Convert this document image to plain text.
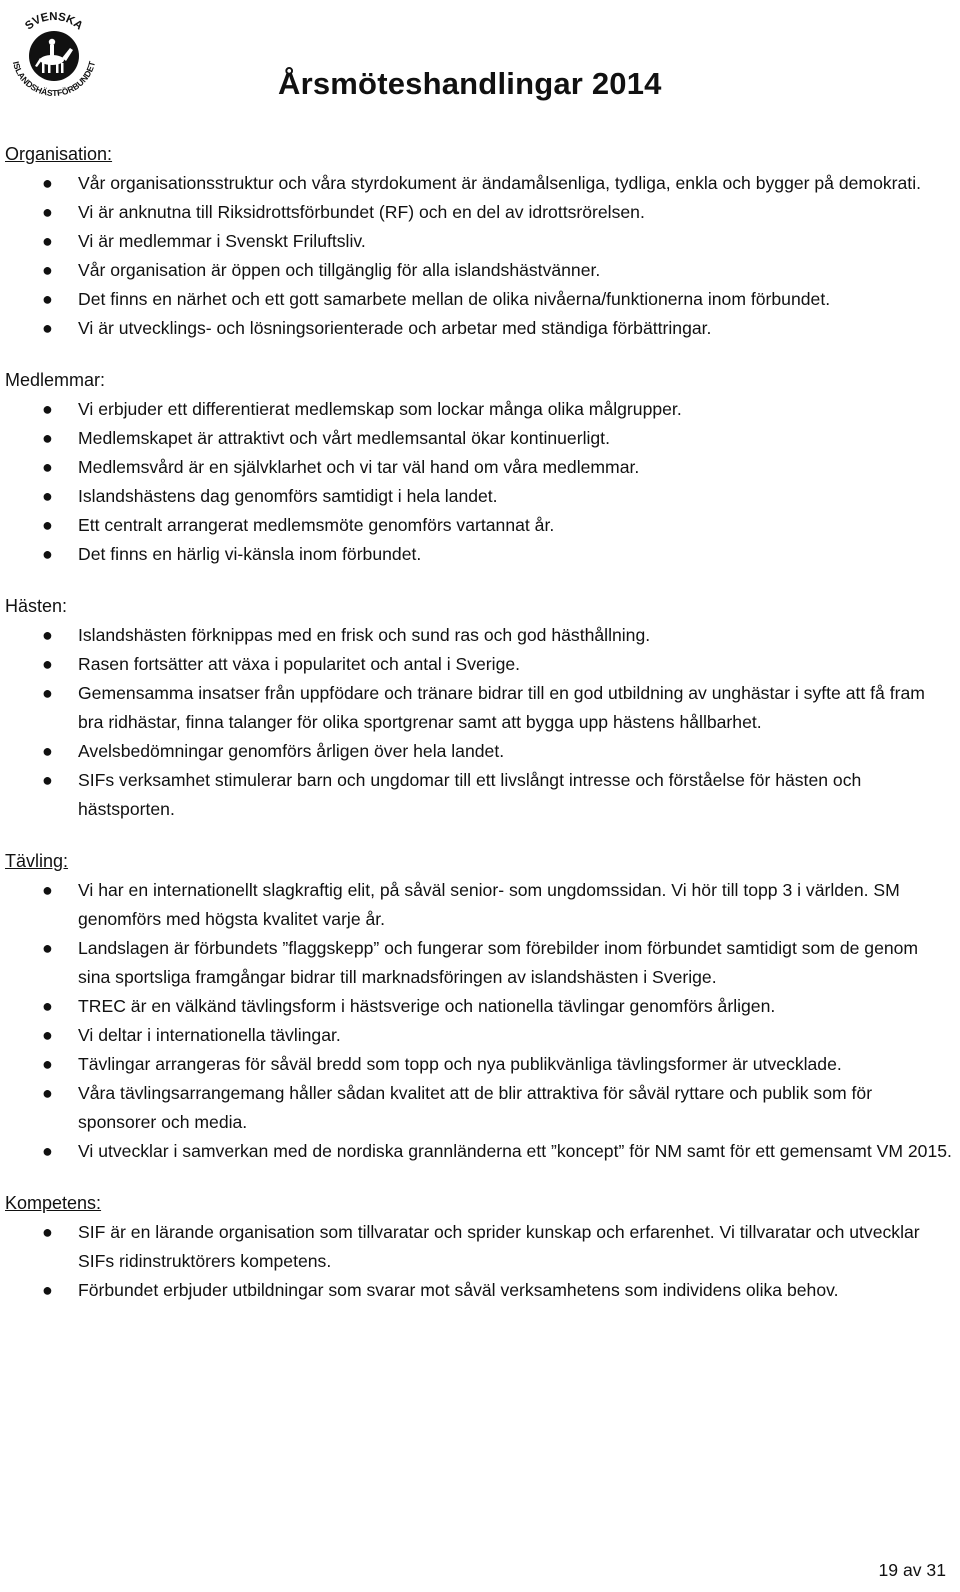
SVENSKA
ISLANDSHÄSTFÖRBUNDET
Årsmöteshandlingar 2014
Organisation:
● Vår organisationsstruktur och våra styrdokument är ändamålsenliga, tydliga, enkla och bygger på demokrati.
● Vi är anknutna till Riksidrottsförbundet (RF) och en del av idrottsrörelsen.
● Vi är medlemmar i Svenskt Friluftsliv.
● Vår organisation är öppen och tillgänglig för alla islandshästvänner.
● Det finns en närhet och ett gott samarbete mellan de olika nivåerna/funktionerna inom förbundet.
● Vi är utvecklings- och lösningsorienterade och arbetar med ständiga förbättringar.
Medlemmar:
● Vi erbjuder ett differentierat medlemskap som lockar många olika målgrupper.
● Medlemskapet är attraktivt och vårt medlemsantal ökar kontinuerligt.
● Medlemsvård är en självklarhet och vi tar väl hand om våra medlemmar.
● Islandshästens dag genomförs samtidigt i hela landet.
● Ett centralt arrangerat medlemsmöte genomförs vartannat år.
● Det finns en härlig vi-känsla inom förbundet.
Hästen:
● Islandshästen förknippas med en frisk och sund ras och god hästhållning.
● Rasen fortsätter att växa i popularitet och antal i Sverige.
● Gemensamma insatser från uppfödare och tränare bidrar till en god utbildning av unghästar i syfte att få fram bra ridhästar, finna talanger för olika sportgrenar samt att bygga upp hästens hållbarhet.
● Avelsbedömningar genomförs årligen över hela landet.
● SIFs verksamhet stimulerar barn och ungdomar till ett livslångt intresse och förståelse för hästen och hästsporten.
Tävling:
● Vi har en internationellt slagkraftig elit, på såväl senior- som ungdomssidan. Vi hör till topp 3 i världen. SM genomförs med högsta kvalitet varje år.
● Landslagen är förbundets ”flaggskepp” och fungerar som förebilder inom förbundet samtidigt som de genom sina sportsliga framgångar bidrar till marknadsföringen av islandshästen i Sverige.
● TREC är en välkänd tävlingsform i hästsverige och nationella tävlingar genomförs årligen.
● Vi deltar i internationella tävlingar.
● Tävlingar arrangeras för såväl bredd som topp och nya publikvänliga tävlingsformer är utvecklade.
● Våra tävlingsarrangemang håller sådan kvalitet att de blir attraktiva för såväl ryttare och publik som för sponsorer och media.
● Vi utvecklar i samverkan med de nordiska grannländerna ett ”koncept” för NM samt för ett gemensamt VM 2015.
Kompetens:
● SIF är en lärande organisation som tillvaratar och sprider kunskap och erfarenhet. Vi tillvaratar och utvecklar SIFs ridinstruktörers kompetens.
● Förbundet erbjuder utbildningar som svarar mot såväl verksamhetens som individens olika behov.
19 av 31
